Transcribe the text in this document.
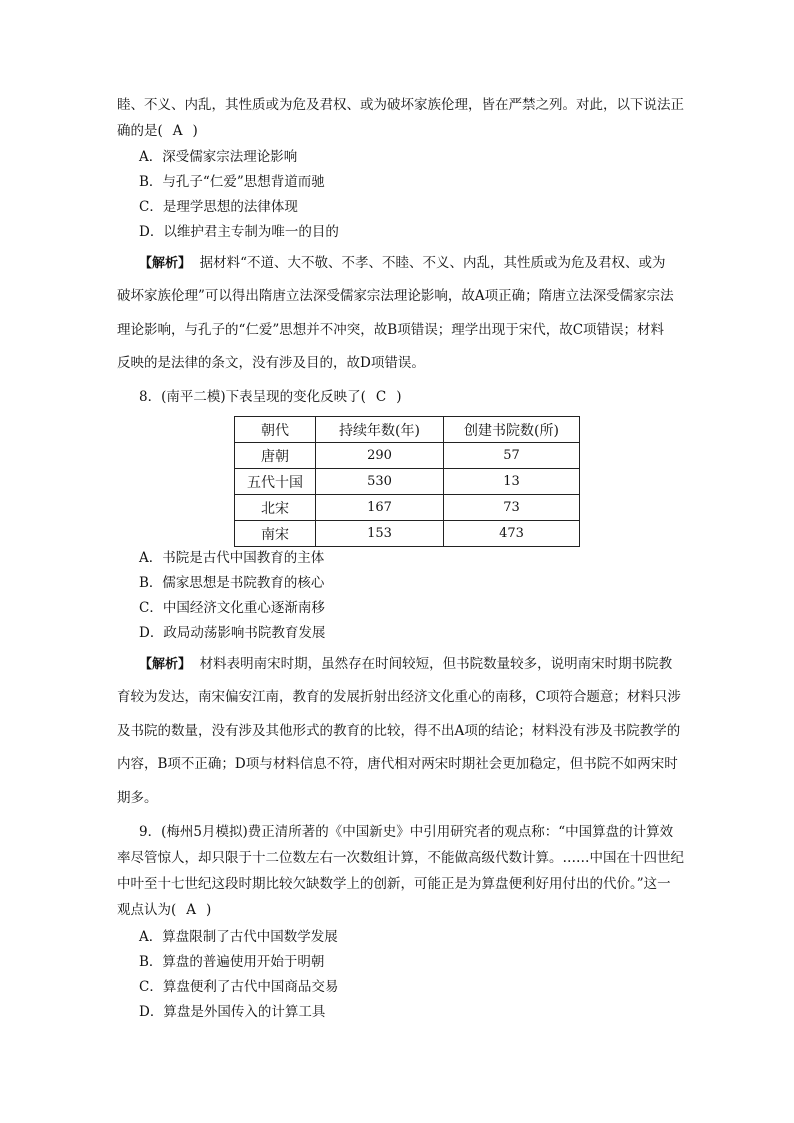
睦、不义、内乱，其性质或为危及君权、或为破坏家族伦理，皆在严禁之列。对此，以下说法正
确的是( A )
A．深受儒家宗法理论影响
B．与孔子“仁爱”思想背道而驰
C．是理学思想的法律体现
D．以维护君主专制为唯一的目的
【解析】 据材料“不道、大不敬、不孝、不睦、不义、内乱，其性质或为危及君权、或为
破坏家族伦理”可以得出隋唐立法深受儒家宗法理论影响，故A项正确；隋唐立法深受儒家宗法
理论影响，与孔子的“仁爱”思想并不冲突，故B项错误；理学出现于宋代，故C项错误；材料
反映的是法律的条文，没有涉及目的，故D项错误。
8．(南平二模)下表呈现的变化反映了( C )
朝代	持续年数(年)	创建书院数(所)
唐朝	290	57
五代十国	530	13
北宋	167	73
南宋	153	473
A．书院是古代中国教育的主体
B．儒家思想是书院教育的核心
C．中国经济文化重心逐渐南移
D．政局动荡影响书院教育发展
【解析】 材料表明南宋时期，虽然存在时间较短，但书院数量较多，说明南宋时期书院教
育较为发达，南宋偏安江南，教育的发展折射出经济文化重心的南移，C项符合题意；材料只涉
及书院的数量，没有涉及其他形式的教育的比较，得不出A项的结论；材料没有涉及书院教学的
内容，B项不正确；D项与材料信息不符，唐代相对两宋时期社会更加稳定，但书院不如两宋时
期多。
9．(梅州5月模拟)费正清所著的《中国新史》中引用研究者的观点称：“中国算盘的计算效
率尽管惊人，却只限于十二位数左右一次数组计算，不能做高级代数计算。……中国在十四世纪
中叶至十七世纪这段时期比较欠缺数学上的创新，可能正是为算盘便利好用付出的代价。”这一
观点认为( A )
A．算盘限制了古代中国数学发展
B．算盘的普遍使用开始于明朝
C．算盘便利了古代中国商品交易
D．算盘是外国传入的计算工具
